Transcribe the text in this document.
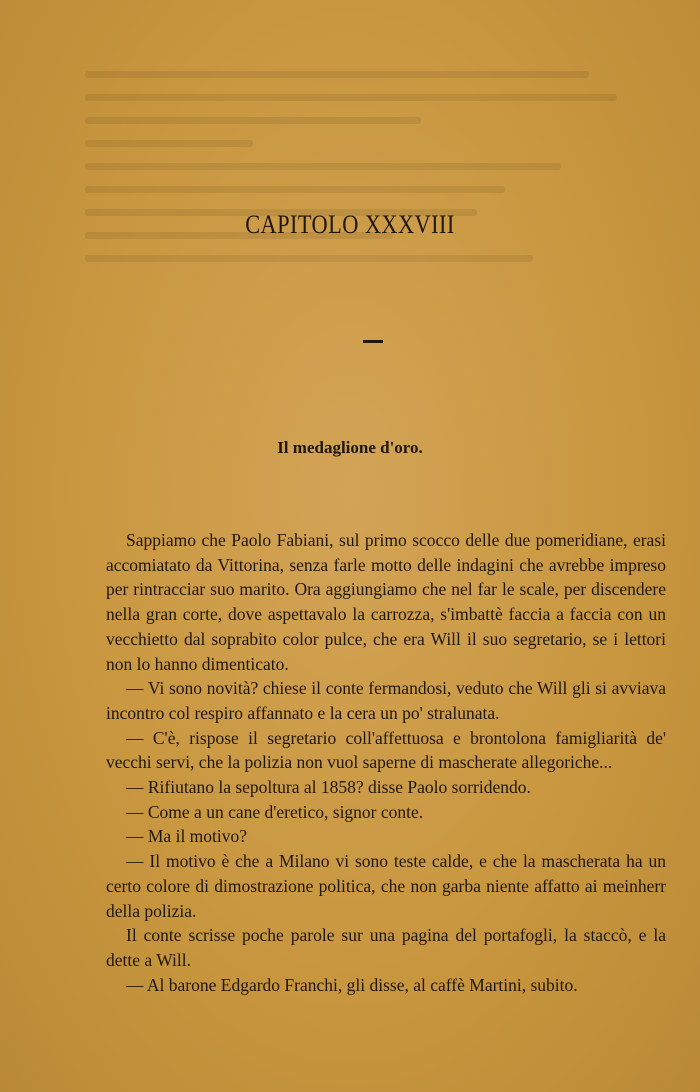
CAPITOLO XXXVIII
Il medaglione d'oro.

Sappiamo che Paolo Fabiani, sul primo scocco delle due pomeridiane, erasi accomiatato da Vittorina, senza farle motto delle indagini che avrebbe impreso per rintracciar suo marito. Ora aggiungiamo che nel far le scale, per discendere nella gran corte, dove aspettavalo la carrozza, s'imbattè faccia a faccia con un vecchietto dal soprabito color pulce, che era Will il suo segretario, se i lettori non lo hanno dimenticato.

— Vi sono novità? chiese il conte fermandosi, veduto che Will gli si avviava incontro col respiro affannato e la cera un po' stralunata.

— C'è, rispose il segretario coll'affettuosa e brontolona famigliarità de' vecchi servi, che la polizia non vuol saperne di mascherate allegoriche...

— Rifiutano la sepoltura al 1858? disse Paolo sorridendo.

— Come a un cane d'eretico, signor conte.

— Ma il motivo?

— Il motivo è che a Milano vi sono teste calde, e che la mascherata ha un certo colore di dimostrazione politica, che non garba niente affatto ai meinherr della polizia.

Il conte scrisse poche parole sur una pagina del portafogli, la staccò, e la dette a Will.

— Al barone Edgardo Franchi, gli disse, al caffè Martini, subito.
